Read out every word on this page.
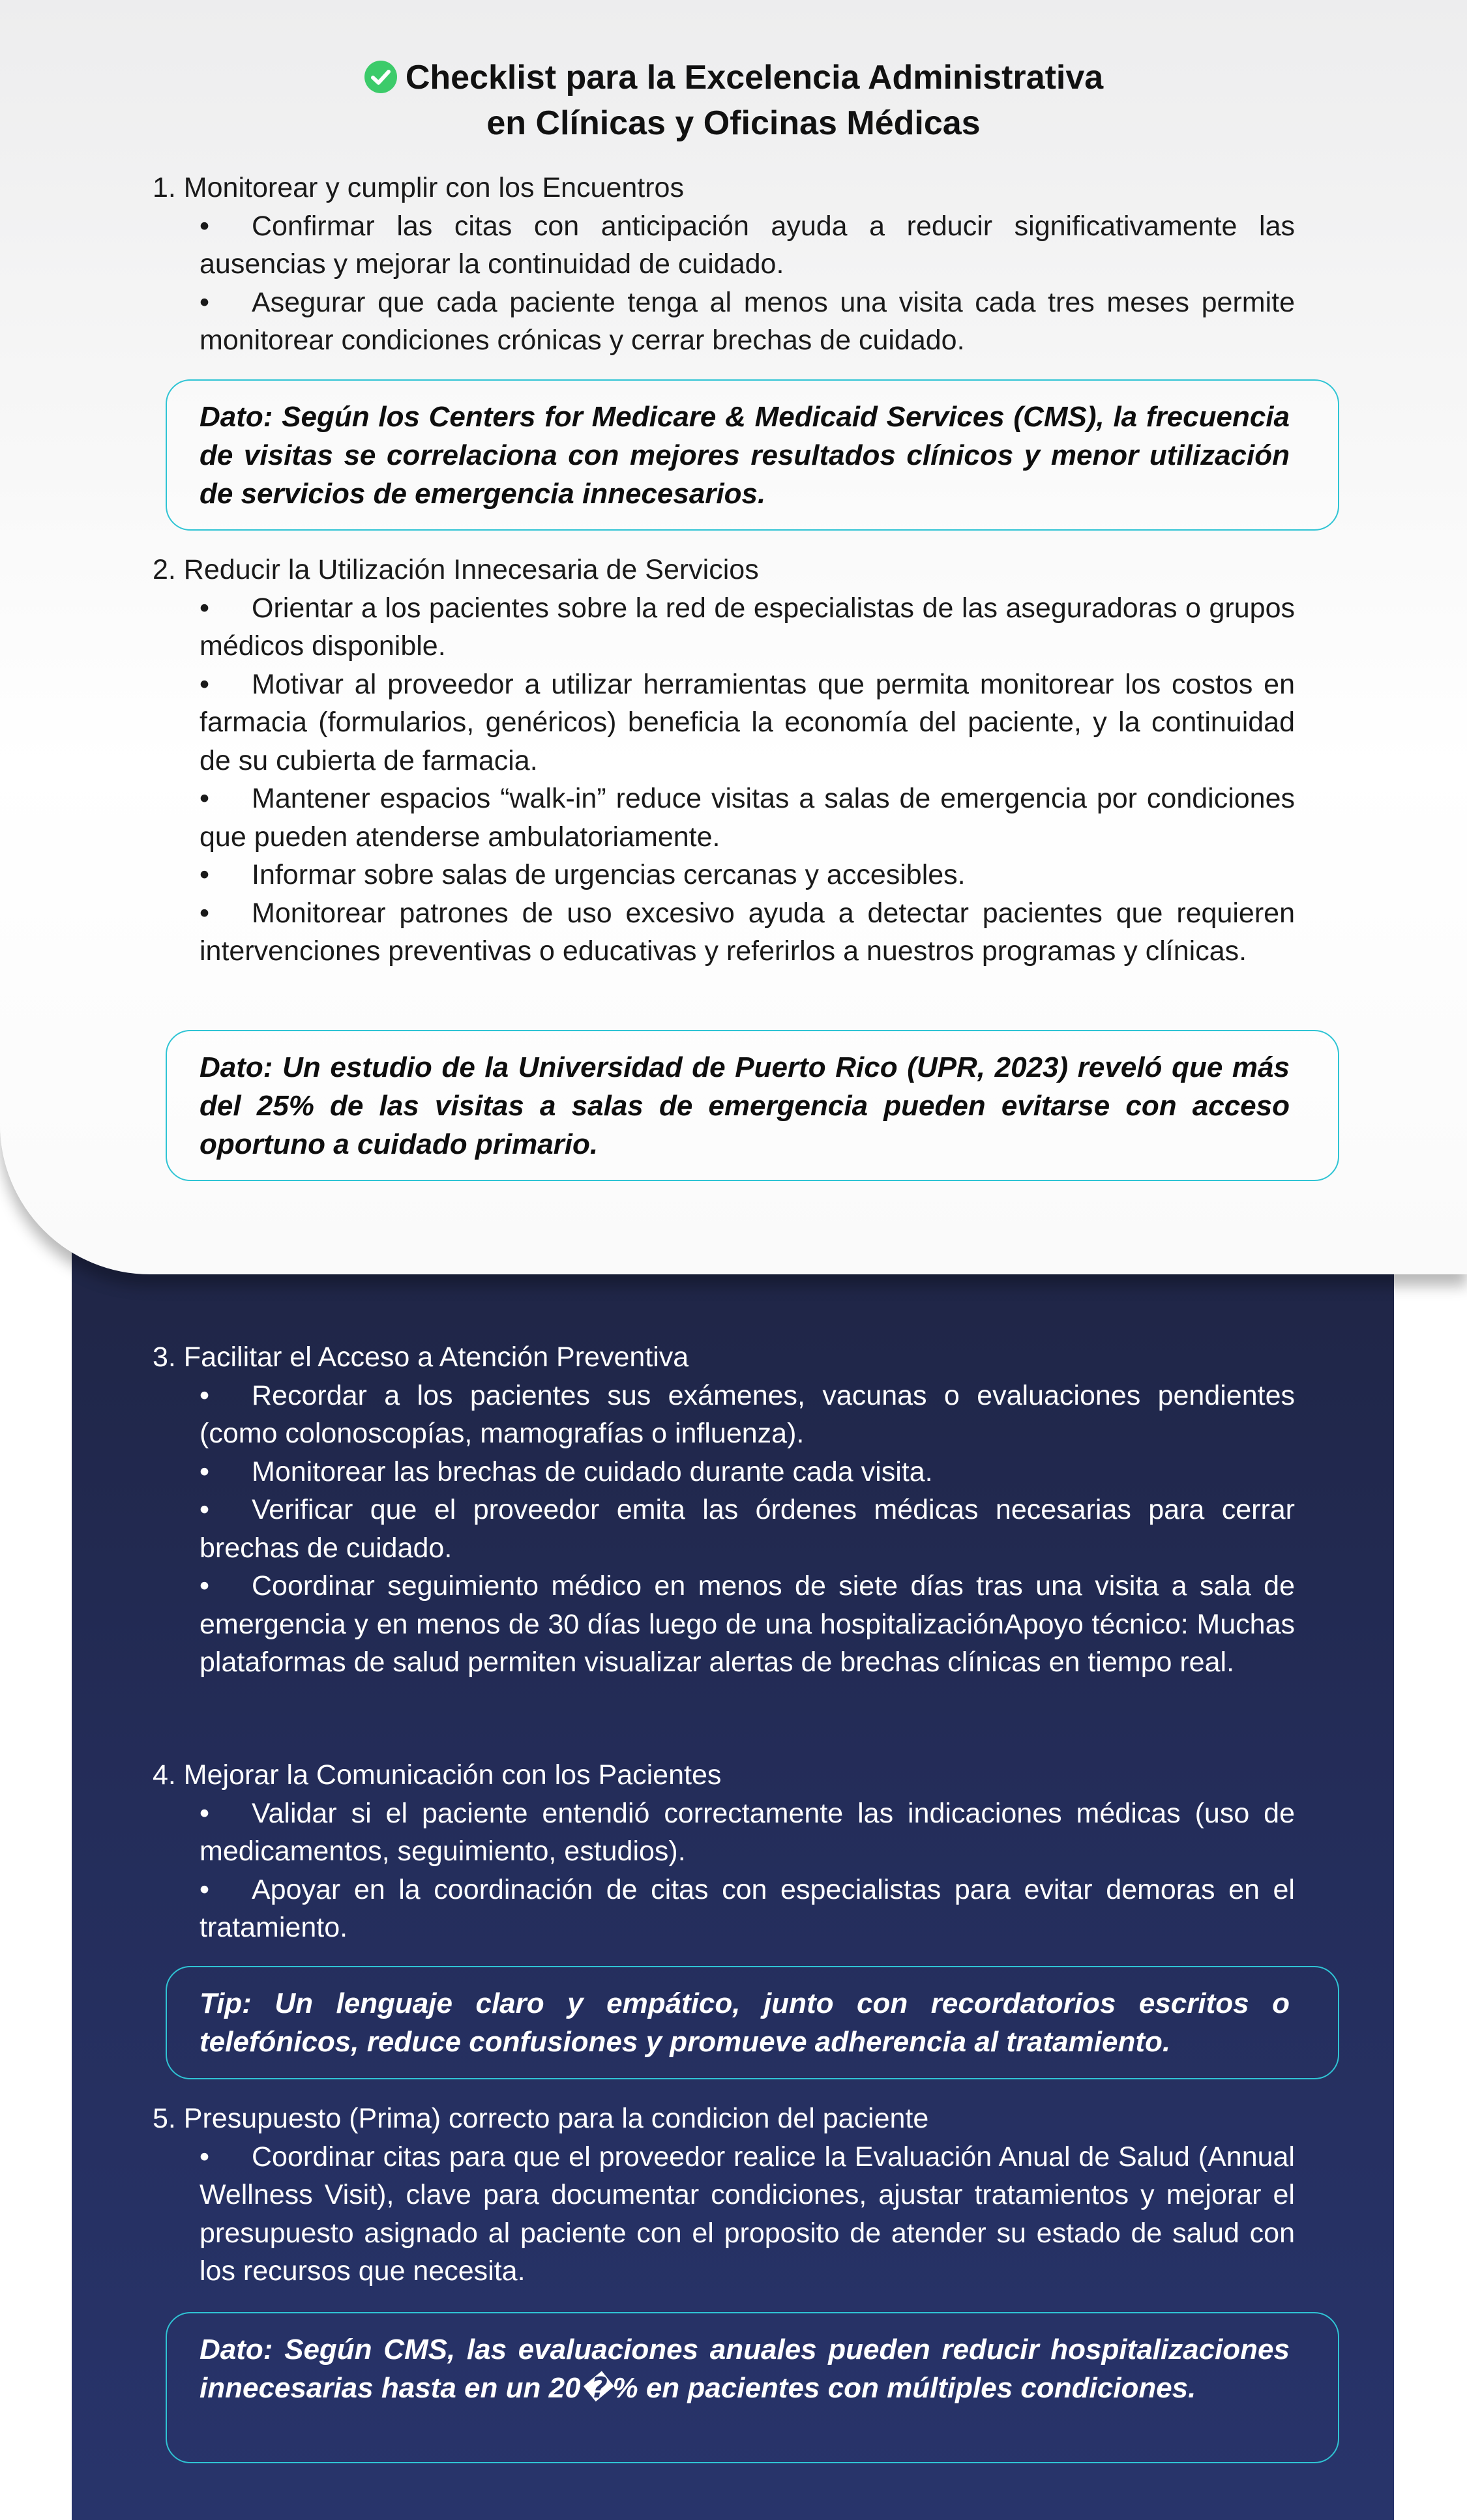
Checklist para la Excelencia Administrativa
en Clínicas y Oficinas Médicas
1. Monitorear y cumplir con los Encuentros
• Confirmar las citas con anticipación ayuda a reducir significativamente las ausencias y mejorar la continuidad de cuidado.
• Asegurar que cada paciente tenga al menos una visita cada tres meses permite monitorear condiciones crónicas y cerrar brechas de cuidado.
Dato: Según los Centers for Medicare & Medicaid Services (CMS), la frecuencia de visitas se correlaciona con mejores resultados clínicos y menor utilización de servicios de emergencia innecesarios.
2. Reducir la Utilización Innecesaria de Servicios
• Orientar a los pacientes sobre la red de especialistas de las aseguradoras o grupos médicos disponible.
• Motivar al proveedor a utilizar herramientas que permita monitorear los costos en farmacia (formularios, genéricos) beneficia la economía del paciente, y la continuidad de su cubierta de farmacia.
• Mantener espacios “walk-in” reduce visitas a salas de emergencia por condiciones que pueden atenderse ambulatoriamente.
• Informar sobre salas de urgencias cercanas y accesibles.
• Monitorear patrones de uso excesivo ayuda a detectar pacientes que requieren intervenciones preventivas o educativas y referirlos a nuestros programas y clínicas.
Dato: Un estudio de la Universidad de Puerto Rico (UPR, 2023) reveló que más del 25% de las visitas a salas de emergencia pueden evitarse con acceso oportuno a cuidado primario.
3. Facilitar el Acceso a Atención Preventiva
• Recordar a los pacientes sus exámenes, vacunas o evaluaciones pendientes (como colonoscopías, mamografías o influenza).
• Monitorear las brechas de cuidado durante cada visita.
• Verificar que el proveedor emita las órdenes médicas necesarias para cerrar brechas de cuidado.
• Coordinar seguimiento médico en menos de siete días tras una visita a sala de emergencia y en menos de 30 días luego de una hospitalizaciónApoyo técnico: Muchas plataformas de salud permiten visualizar alertas de brechas clínicas en tiempo real.
4. Mejorar la Comunicación con los Pacientes
• Validar si el paciente entendió correctamente las indicaciones médicas (uso de medicamentos, seguimiento, estudios).
• Apoyar en la coordinación de citas con especialistas para evitar demoras en el tratamiento.
Tip: Un lenguaje claro y empático, junto con recordatorios escritos o telefónicos, reduce confusiones y promueve adherencia al tratamiento.
5. Presupuesto (Prima) correcto para la condicion del paciente
• Coordinar citas para que el proveedor realice la Evaluación Anual de Salud (Annual Wellness Visit), clave para documentar condiciones, ajustar tratamientos y mejorar el presupuesto asignado al paciente con el proposito de atender su estado de salud con los recursos que necesita.
Dato: Según CMS, las evaluaciones anuales pueden reducir hospitalizaciones innecesarias hasta en un 20�% en pacientes con múltiples condiciones.
